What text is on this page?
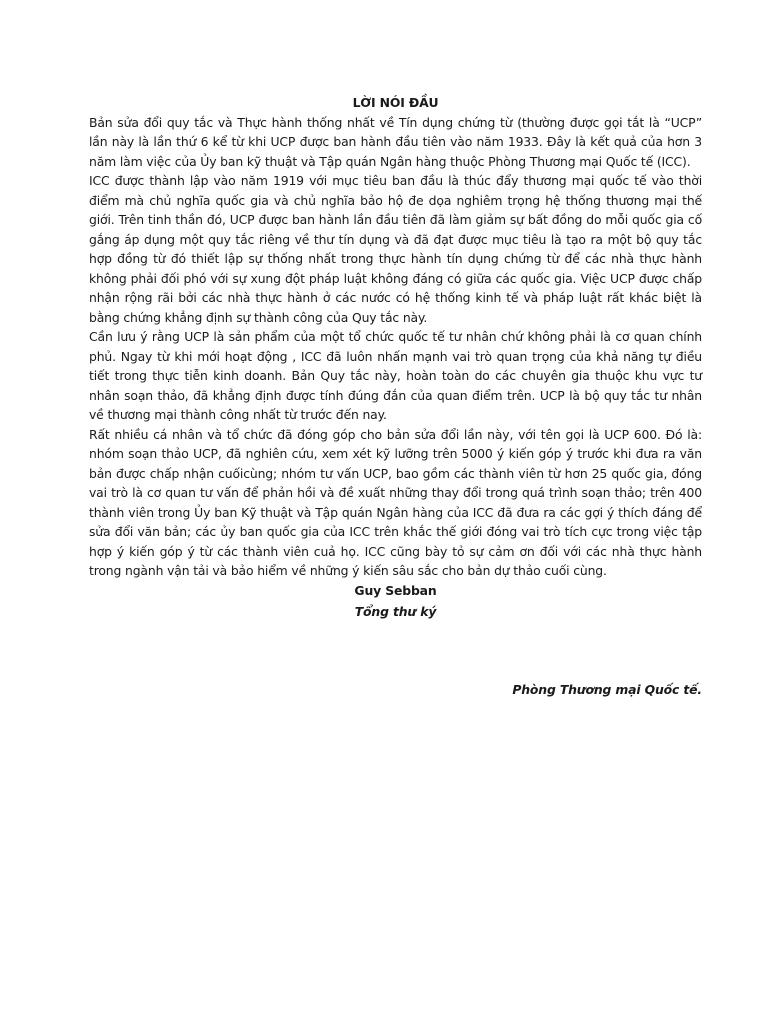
LỜI NÓI ĐẦU

Bản sửa đổi quy tắc và Thực hành thống nhất về Tín dụng chứng từ (thường được gọi tắt là “UCP” lần này là lần thứ 6 kể từ khi UCP được ban hành đầu tiên vào năm 1933. Đây là kết quả của hơn 3 năm làm việc của Ủy ban kỹ thuật và Tập quán Ngân hàng thuộc Phòng Thương mại Quốc tế (ICC).

ICC được thành lập vào năm 1919 với mục tiêu ban đầu là thúc đẩy thương mại quốc tế vào thời điểm mà chủ nghĩa quốc gia và chủ nghĩa bảo hộ đe dọa nghiêm trọng hệ thống thương mại thế giới. Trên tinh thần đó, UCP được ban hành lần đầu tiên đã làm giảm sự bất đồng do mỗi quốc gia cố gắng áp dụng một quy tắc riêng về thư tín dụng và đã đạt được mục tiêu là tạo ra một bộ quy tắc hợp đồng từ đó thiết lập sự thống nhất trong thực hành tín dụng chứng từ để các nhà thực hành không phải đối phó với sự xung đột pháp luật không đáng có giữa các quốc gia. Việc UCP được chấp nhận rộng rãi bởi các nhà thực hành ở các nước có hệ thống kinh tế và pháp luật rất khác biệt là bằng chứng khẳng định sự thành công của Quy tắc này.

Cần lưu ý rằng UCP là sản phẩm của một tổ chức quốc tế tư nhân chứ không phải là cơ quan chính phủ. Ngay từ khi mới hoạt động , ICC đã luôn nhấn mạnh vai trò quan trọng của khả năng tự điều tiết trong thực tiễn kinh doanh. Bản Quy tắc này, hoàn toàn do các chuyên gia thuộc khu vực tư nhân soạn thảo, đã khẳng định được tính đúng đắn của quan điểm trên. UCP là bộ quy tắc tư nhân về thương mại thành công nhất từ trước đến nay.

Rất nhiều cá nhân và tổ chức đã đóng góp cho bản sửa đổi lần này, với tên gọi là UCP 600. Đó là: nhóm soạn thảo UCP, đã nghiên cứu, xem xét kỹ lưỡng trên 5000 ý kiến góp ý trước khi đưa ra văn bản được chấp nhận cuốicùng; nhóm tư vấn UCP, bao gồm các thành viên từ hơn 25 quốc gia, đóng vai trò là cơ quan tư vấn để phản hồi và đề xuất những thay đổi trong quá trình soạn thảo; trên 400 thành viên trong Ủy ban Kỹ thuật và Tập quán Ngân hàng của ICC đã đưa ra các gợi ý thích đáng để sửa đổi văn bản; các ủy ban quốc gia của ICC trên khắc thế giới đóng vai trò tích cực trong việc tập hợp ý kiến góp ý từ các thành viên cuả họ. ICC cũng bày tỏ sự cảm ơn đối với các nhà thực hành trong ngành vận tải và bảo hiểm về những ý kiến sâu sắc cho bản dự thảo cuối cùng.

Guy Sebban

Tổng thư ký

Phòng Thương mại Quốc tế.
